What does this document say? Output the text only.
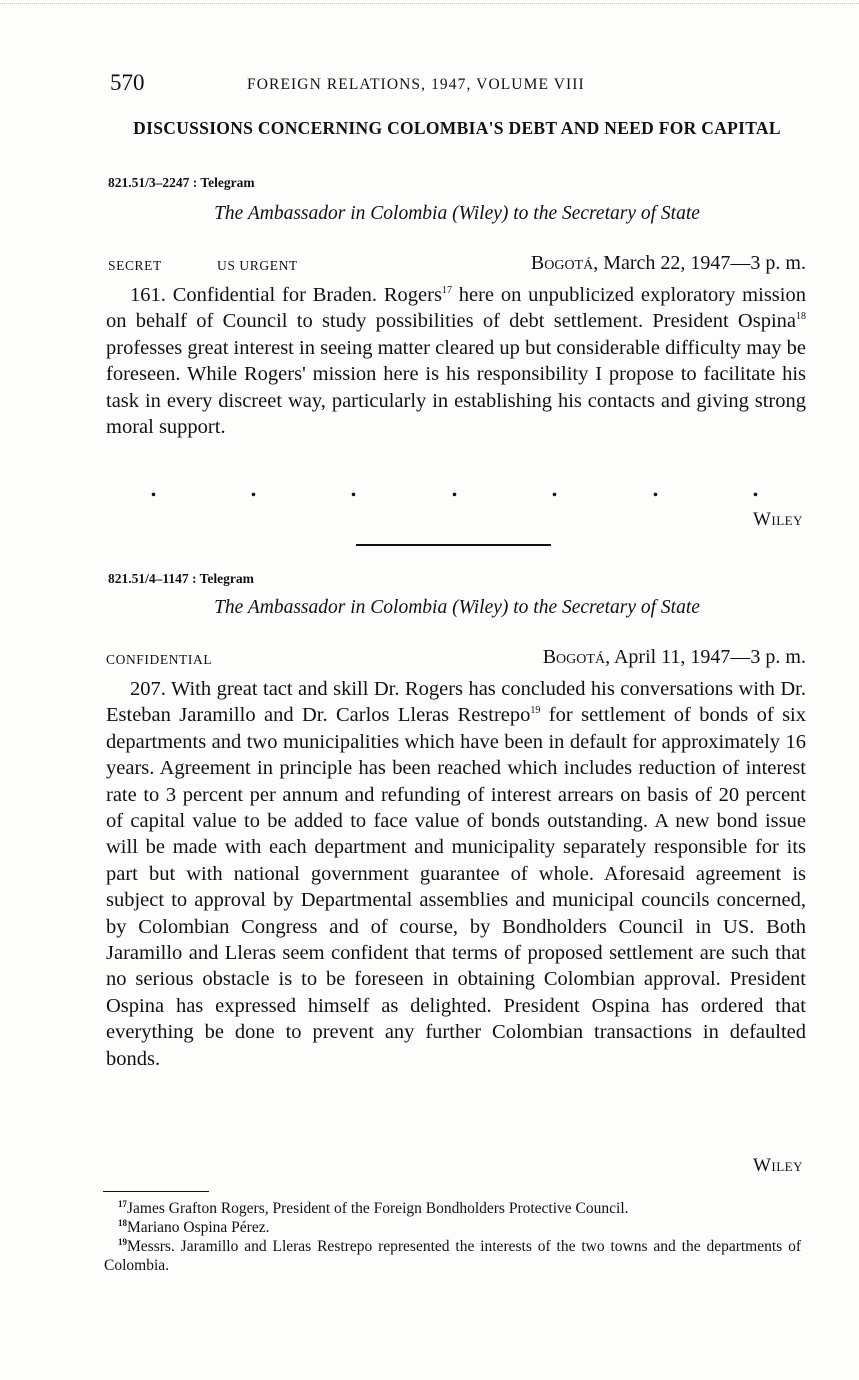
570	FOREIGN RELATIONS, 1947, VOLUME VIII
DISCUSSIONS CONCERNING COLOMBIA'S DEBT AND NEED FOR CAPITAL
821.51/3–2247 : Telegram
The Ambassador in Colombia (Wiley) to the Secretary of State
SECRET	US URGENT	Bogotá, March 22, 1947—3 p. m.

161. Confidential for Braden. Rogers$^{17}$ here on unpublicized exploratory mission on behalf of Council to study possibilities of debt settlement. President Ospina$^{18}$ professes great interest in seeing matter cleared up but considerable difficulty may be foreseen. While Rogers' mission here is his responsibility I propose to facilitate his task in every discreet way, particularly in establishing his contacts and giving strong moral support.

.	.	.	.	.	.	.
Wiley
821.51/4–1147 : Telegram
The Ambassador in Colombia (Wiley) to the Secretary of State
CONFIDENTIAL	Bogotá, April 11, 1947—3 p. m.

207. With great tact and skill Dr. Rogers has concluded his conversations with Dr. Esteban Jaramillo and Dr. Carlos Lleras Restrepo$^{19}$ for settlement of bonds of six departments and two municipalities which have been in default for approximately 16 years. Agreement in principle has been reached which includes reduction of interest rate to 3 percent per annum and refunding of interest arrears on basis of 20 percent of capital value to be added to face value of bonds outstanding. A new bond issue will be made with each department and municipality separately responsible for its part but with national government guarantee of whole. Aforesaid agreement is subject to approval by Departmental assemblies and municipal councils concerned, by Colombian Congress and of course, by Bondholders Council in US. Both Jaramillo and Lleras seem confident that terms of proposed settlement are such that no serious obstacle is to be foreseen in obtaining Colombian approval. President Ospina has expressed himself as delighted. President Ospina has ordered that everything be done to prevent any further Colombian transactions in defaulted bonds.

Wiley

$^{17}$James Grafton Rogers, President of the Foreign Bondholders Protective Council.

$^{18}$Mariano Ospina Pérez.

$^{19}$Messrs. Jaramillo and Lleras Restrepo represented the interests of the two towns and the departments of Colombia.
